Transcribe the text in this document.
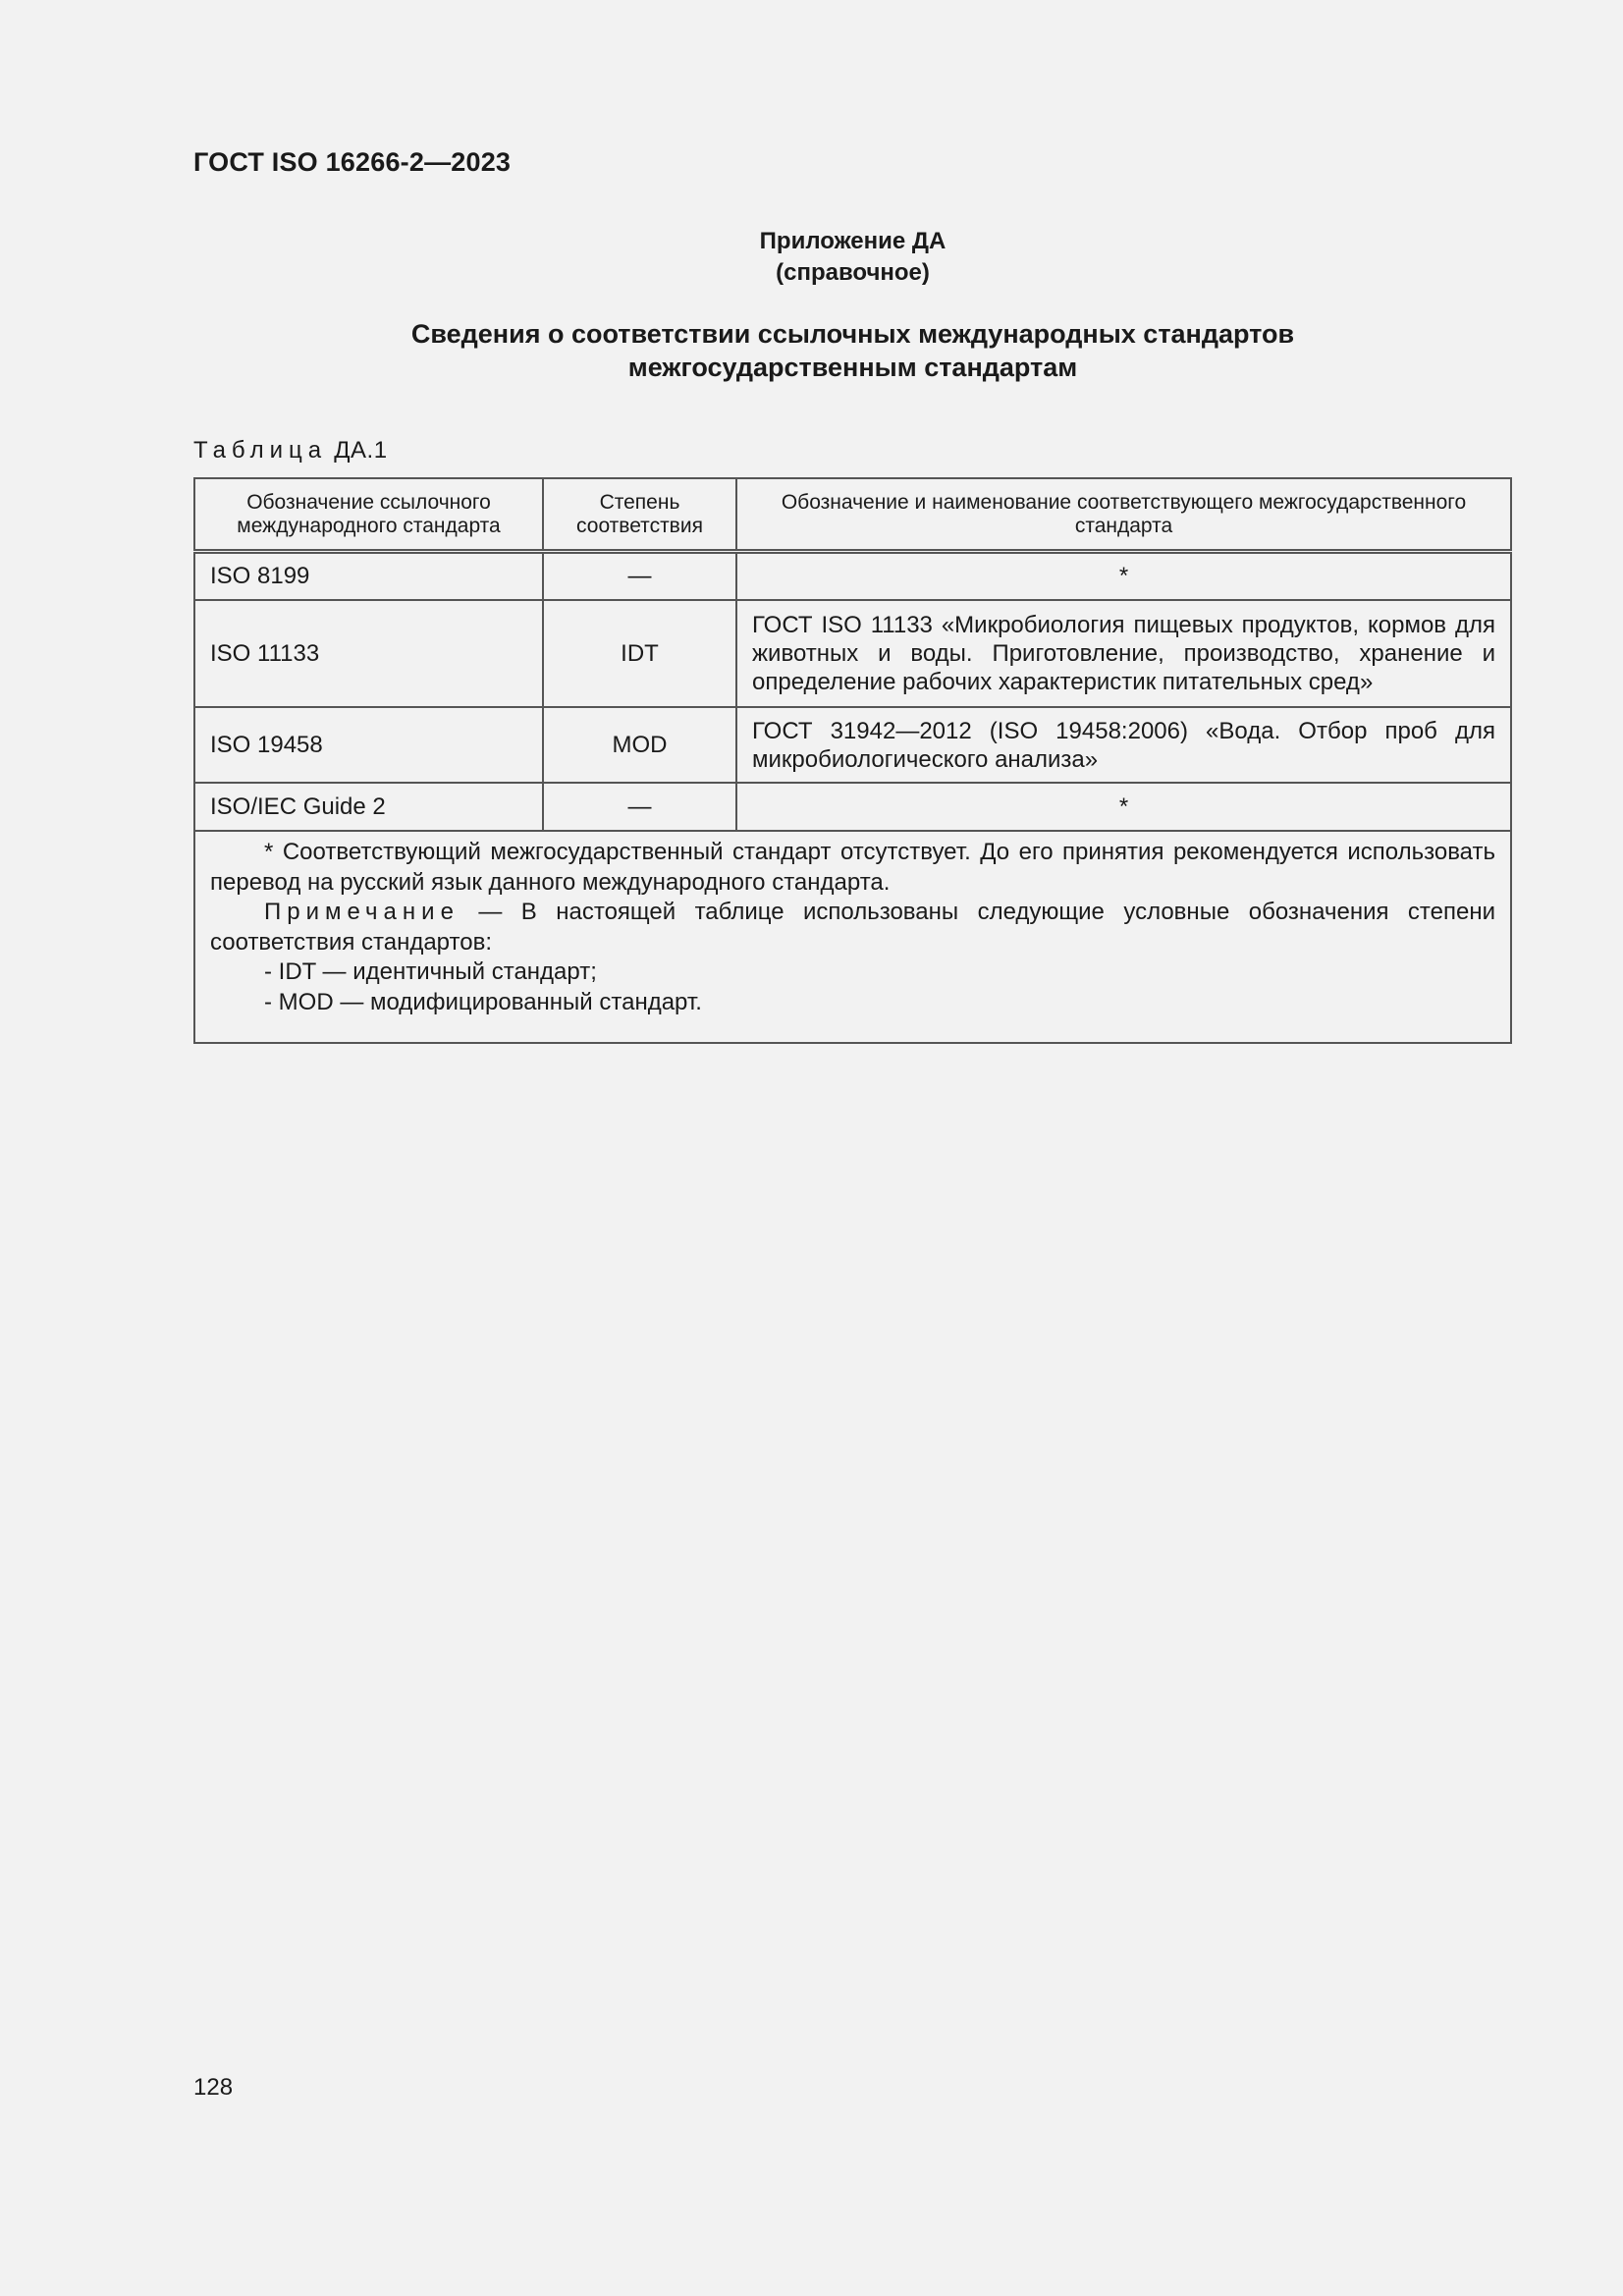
ГОСТ ISO 16266-2—2023
Приложение ДА
(справочное)
Сведения о соответствии ссылочных международных стандартов
межгосударственным стандартам
Таблица ДА.1
Обозначение ссылочного международного стандарта	Степень соответствия	Обозначение и наименование соответствующего межгосударственного стандарта
ISO 8199	—	*
ISO 11133	IDT	ГОСТ ISO 11133 «Микробиология пищевых продуктов, кормов для животных и воды. Приготовление, производство, хранение и определение рабочих характеристик питательных сред»
ISO 19458	MOD	ГОСТ 31942—2012 (ISO 19458:2006) «Вода. Отбор проб для микробиологического анализа»
ISO/IEC Guide 2	—	*

* Соответствующий межгосударственный стандарт отсутствует. До его принятия рекомендуется использовать перевод на русский язык данного международного стандарта.

Примечание — В настоящей таблице использованы следующие условные обозначения степени соответствия стандартов:

- IDT — идентичный стандарт;

- MOD — модифицированный стандарт.		

128
